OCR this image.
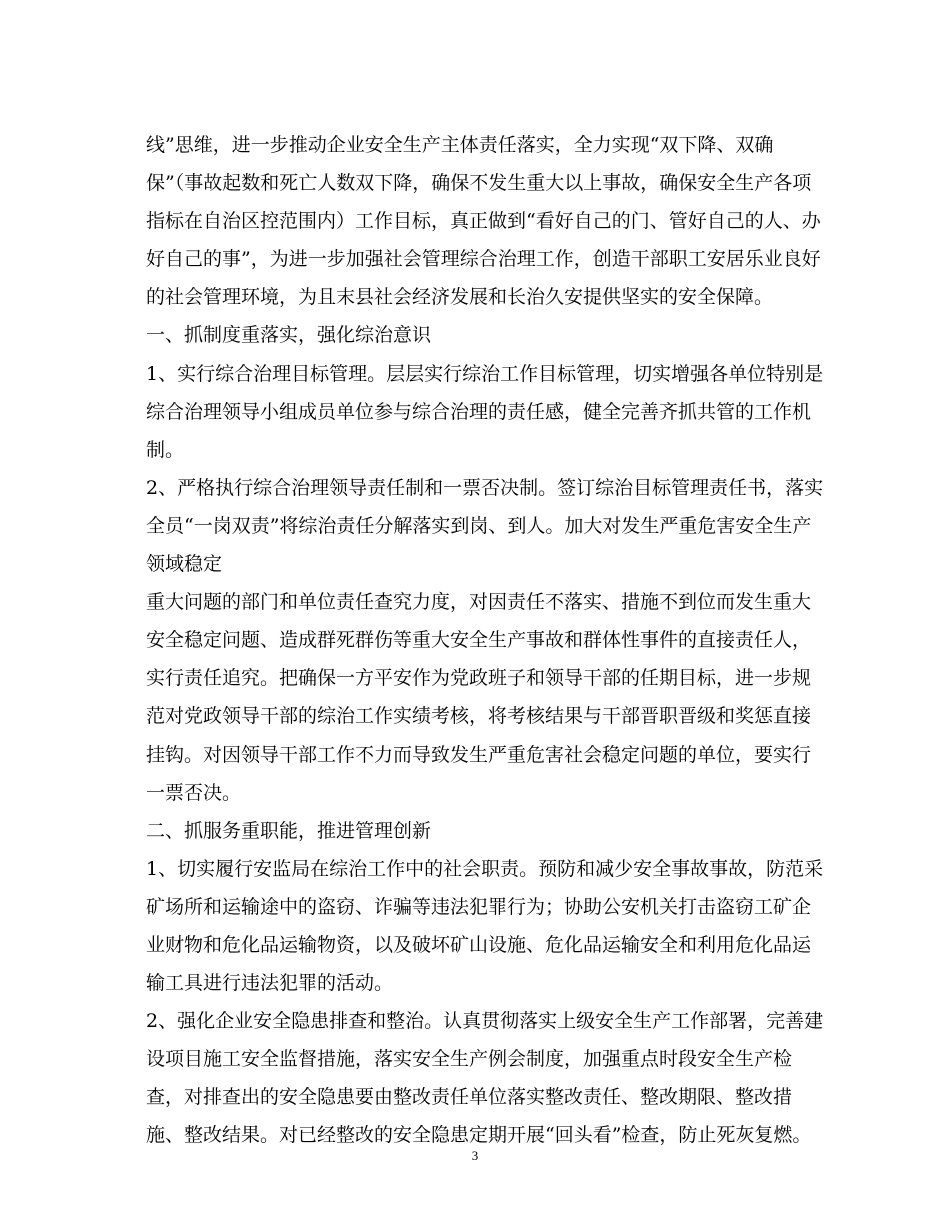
线”思维，进一步推动企业安全生产主体责任落实，全力实现“双下降、双确
保”（事故起数和死亡人数双下降，确保不发生重大以上事故，确保安全生产各项
指标在自治区控范围内）工作目标，真正做到“看好自己的门、管好自己的人、办
好自己的事”，为进一步加强社会管理综合治理工作，创造干部职工安居乐业良好
的社会管理环境，为且末县社会经济发展和长治久安提供坚实的安全保障。
一、抓制度重落实，强化综治意识
1、实行综合治理目标管理。层层实行综治工作目标管理，切实增强各单位特别是
综合治理领导小组成员单位参与综合治理的责任感，健全完善齐抓共管的工作机
制。
2、严格执行综合治理领导责任制和一票否决制。签订综治目标管理责任书，落实
全员“一岗双责”将综治责任分解落实到岗、到人。加大对发生严重危害安全生产
领域稳定
重大问题的部门和单位责任查究力度，对因责任不落实、措施不到位而发生重大
安全稳定问题、造成群死群伤等重大安全生产事故和群体性事件的直接责任人，
实行责任追究。把确保一方平安作为党政班子和领导干部的任期目标，进一步规
范对党政领导干部的综治工作实绩考核，将考核结果与干部晋职晋级和奖惩直接
挂钩。对因领导干部工作不力而导致发生严重危害社会稳定问题的单位，要实行
一票否决。
二、抓服务重职能，推进管理创新
1、切实履行安监局在综治工作中的社会职责。预防和减少安全事故事故，防范采
矿场所和运输途中的盗窃、诈骗等违法犯罪行为；协助公安机关打击盗窃工矿企
业财物和危化品运输物资，以及破坏矿山设施、危化品运输安全和利用危化品运
输工具进行违法犯罪的活动。
2、强化企业安全隐患排查和整治。认真贯彻落实上级安全生产工作部署，完善建
设项目施工安全监督措施，落实安全生产例会制度，加强重点时段安全生产检
查，对排查出的安全隐患要由整改责任单位落实整改责任、整改期限、整改措
施、整改结果。对已经整改的安全隐患定期开展“回头看”检查，防止死灰复燃。
3
